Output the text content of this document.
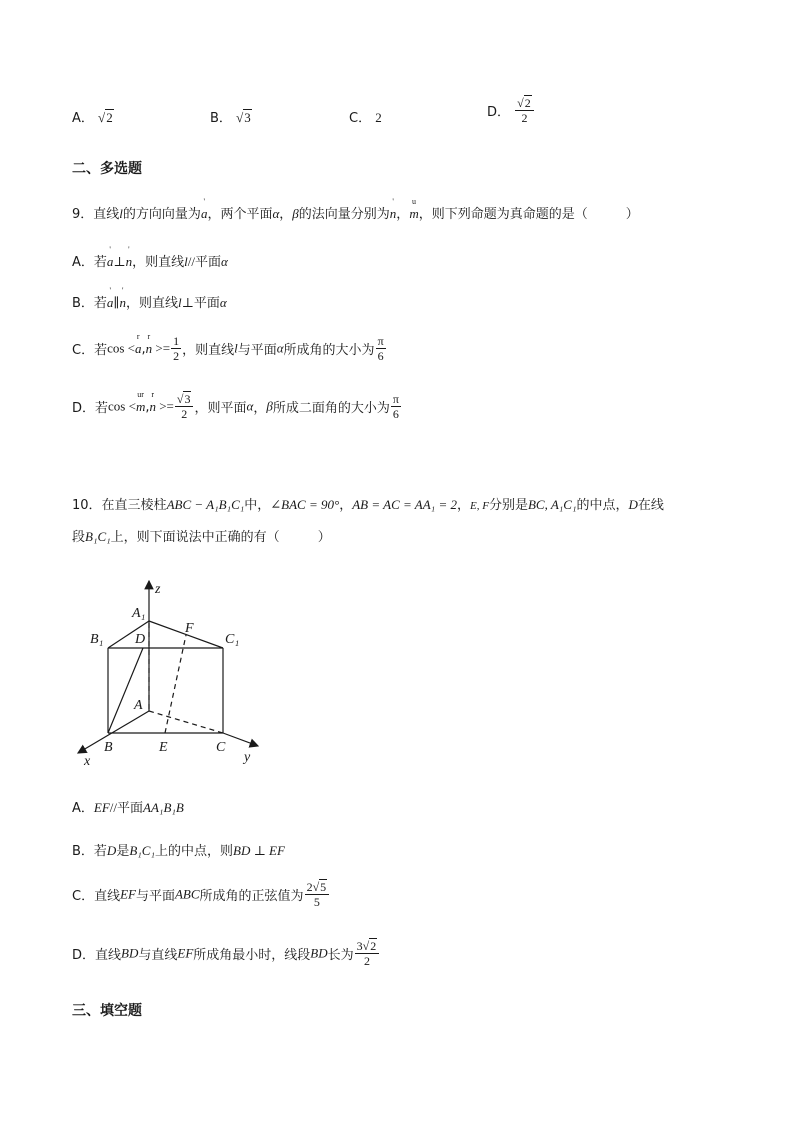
A． √2	B． √3	C． 2	D． $\frac{√2}{2}$
二、多选题
9．直线l的方向向量为
'
a，两个平面α，β的法向量分别为
'
n，
u
m，则下列命题为真命题的是（	）
A．若
'
a⊥
'
n，则直线l//平面α
B．若
'
a∥
'
n，则直线l⊥平面α
C．若cos <
r
a,
r
$n >= \frac{1}{2}$ ，则直线l与平面α所成角的大小为 $\frac{\pi}{6}$
D．若cos <
ur
m,
r
$n >= \frac{√3}{2}$ ，则平面α，β所成二面角的大小为 $\frac{\pi}{6}$
10．在直三棱柱ABC − A₁B₁C₁中，∠BAC = 90°，AB = AC = AA₁ = 2，E, F分别是BC, A₁C₁的中点，D在线
段B₁C₁上，则下面说法中正确的有（	）
z
A₁
B₁ D
F
C₁
A
B	E	C
x	y
A．EF//平面AA₁B₁B
B．若D是B₁C₁上的中点，则BD ⊥ EF
C．直线EF与平面ABC所成角的正弦值为 $\frac{2√5}{5}$
D．直线BD与直线EF所成角最小时，线段BD长为 $\frac{3√2}{2}$
三、填空题
